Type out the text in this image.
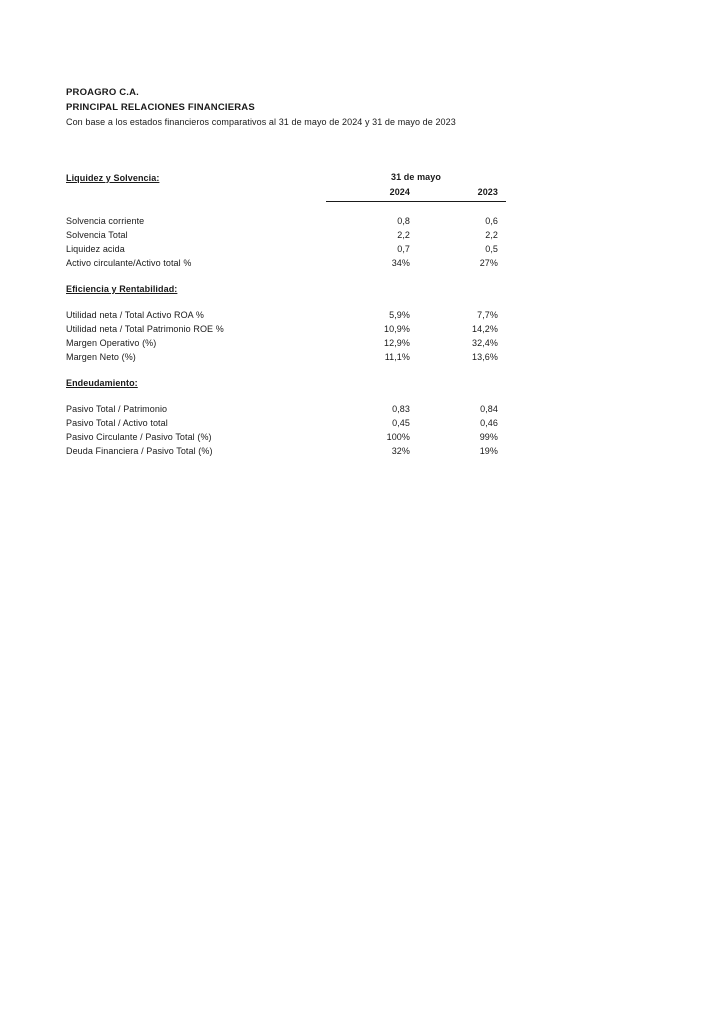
PROAGRO C.A.
PRINCIPAL RELACIONES FINANCIERAS
Con base a los estados financieros comparativos al 31 de mayo de 2024 y 31 de mayo de 2023
Liquidez y Solvencia:	31 de mayo	
	2024	2023

Solvencia corriente	0,8	0,6
Solvencia Total	2,2	2,2
Liquidez acida	0,7	0,5
Activo circulante/Activo total %	34%	27%

Eficiencia y Rentabilidad:		

Utilidad neta / Total Activo ROA %	5,9%	7,7%
Utilidad neta / Total Patrimonio ROE %	10,9%	14,2%
Margen Operativo (%)	12,9%	32,4%
Margen Neto (%)	11,1%	13,6%

Endeudamiento:		

Pasivo Total / Patrimonio	0,83	0,84
Pasivo Total / Activo total	0,45	0,46
Pasivo Circulante / Pasivo Total (%)	100%	99%
Deuda Financiera / Pasivo Total (%)	32%	19%
